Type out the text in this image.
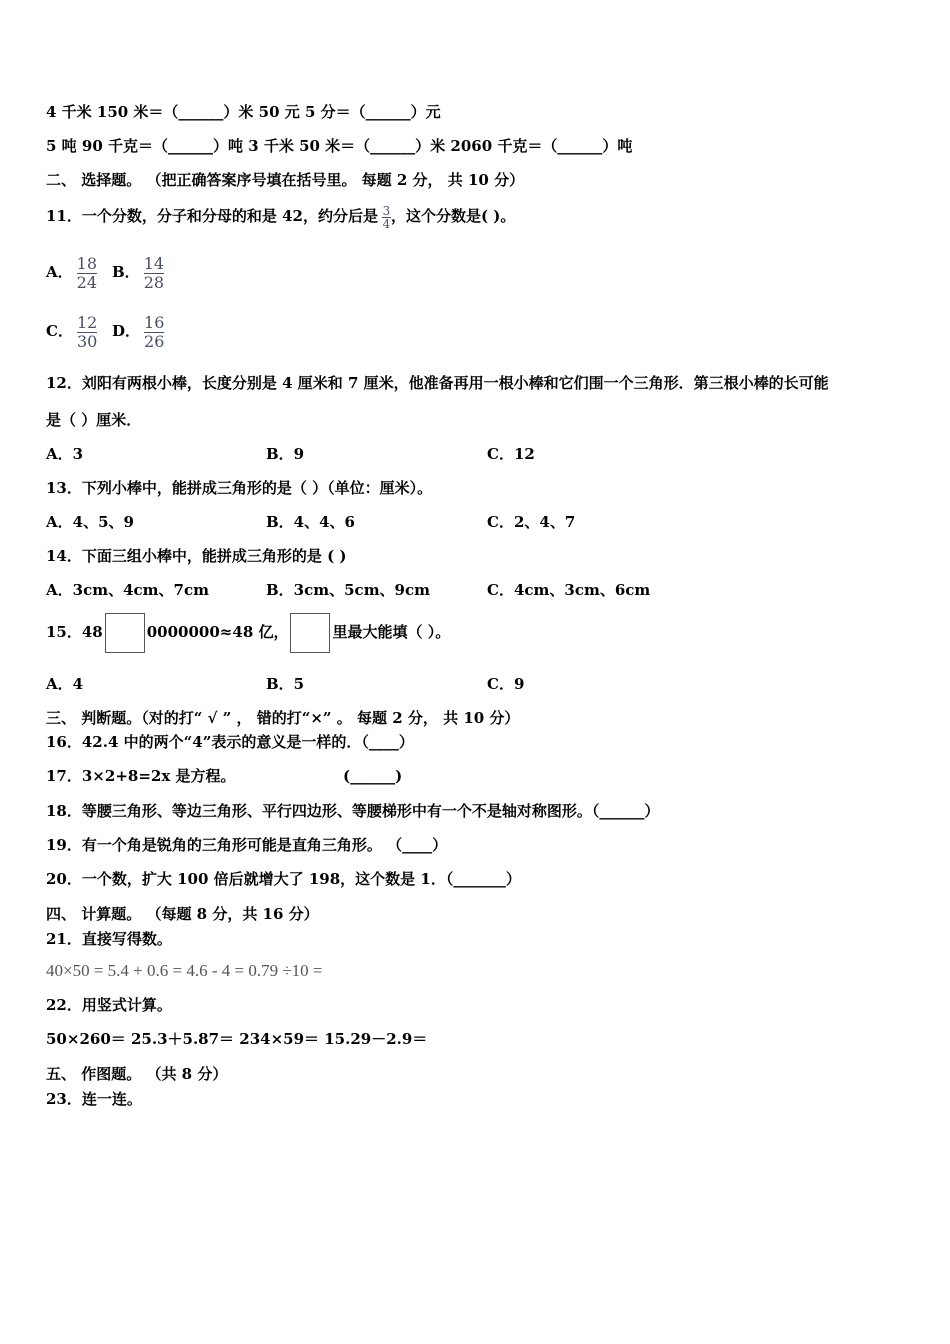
4 千米 150 米＝（______）米 50 元 5 分＝（______）元
5 吨 90 千克＝（______）吨 3 千米 50 米＝（______）米 2060 千克＝（______）吨
二、 选择题。 （把正确答案序号填在括号里。 每题 2 分， 共 10 分）
11．一个分数，分子和分母的和是 42，约分后是 $\frac{3}{4}$ ，这个分数是( )。
A． $\frac{18}{24}$ B． $\frac{14}{28}$
C． $\frac{12}{30}$ D． $\frac{16}{26}$
12．刘阳有两根小棒，长度分别是 4 厘米和 7 厘米，他准备再用一根小棒和它们围一个三角形．第三根小棒的长可能
是（ ）厘米．
A．3	B．9	C．12
13．下列小棒中，能拼成三角形的是（ ）（单位：厘米）。
A．4、5、9	B．4、4、6	C．2、4、7
14．下面三组小棒中，能拼成三角形的是 ( )
A．3cm、4cm、7cm	B．3cm、5cm、9cm	C．4cm、3cm、6cm
15．48	0000000≈48 亿，	里最大能填（ ）。
A．4	B．5	C．9
三、 判断题。（对的打“ √ ” ， 错的打“×” 。 每题 2 分， 共 10 分）
16．42.4 中的两个“4”表示的意义是一样的．（____）
17．3×2+8=2x 是方程。	(______)
18．等腰三角形、等边三角形、平行四边形、等腰梯形中有一个不是轴对称图形。（______）
19．有一个角是锐角的三角形可能是直角三角形。 （____）
20．一个数，扩大 100 倍后就增大了 198，这个数是 1．（_______）
四、 计算题。 （每题 8 分，共 16 分）
21．直接写得数。
40×50 = 5.4 + 0.6 = 4.6 - 4 = 0.79 ÷10 =
22．用竖式计算。
50×260＝ 25.3＋5.87＝ 234×59＝ 15.29－2.9＝
五、 作图题。 （共 8 分）
23．连一连。
